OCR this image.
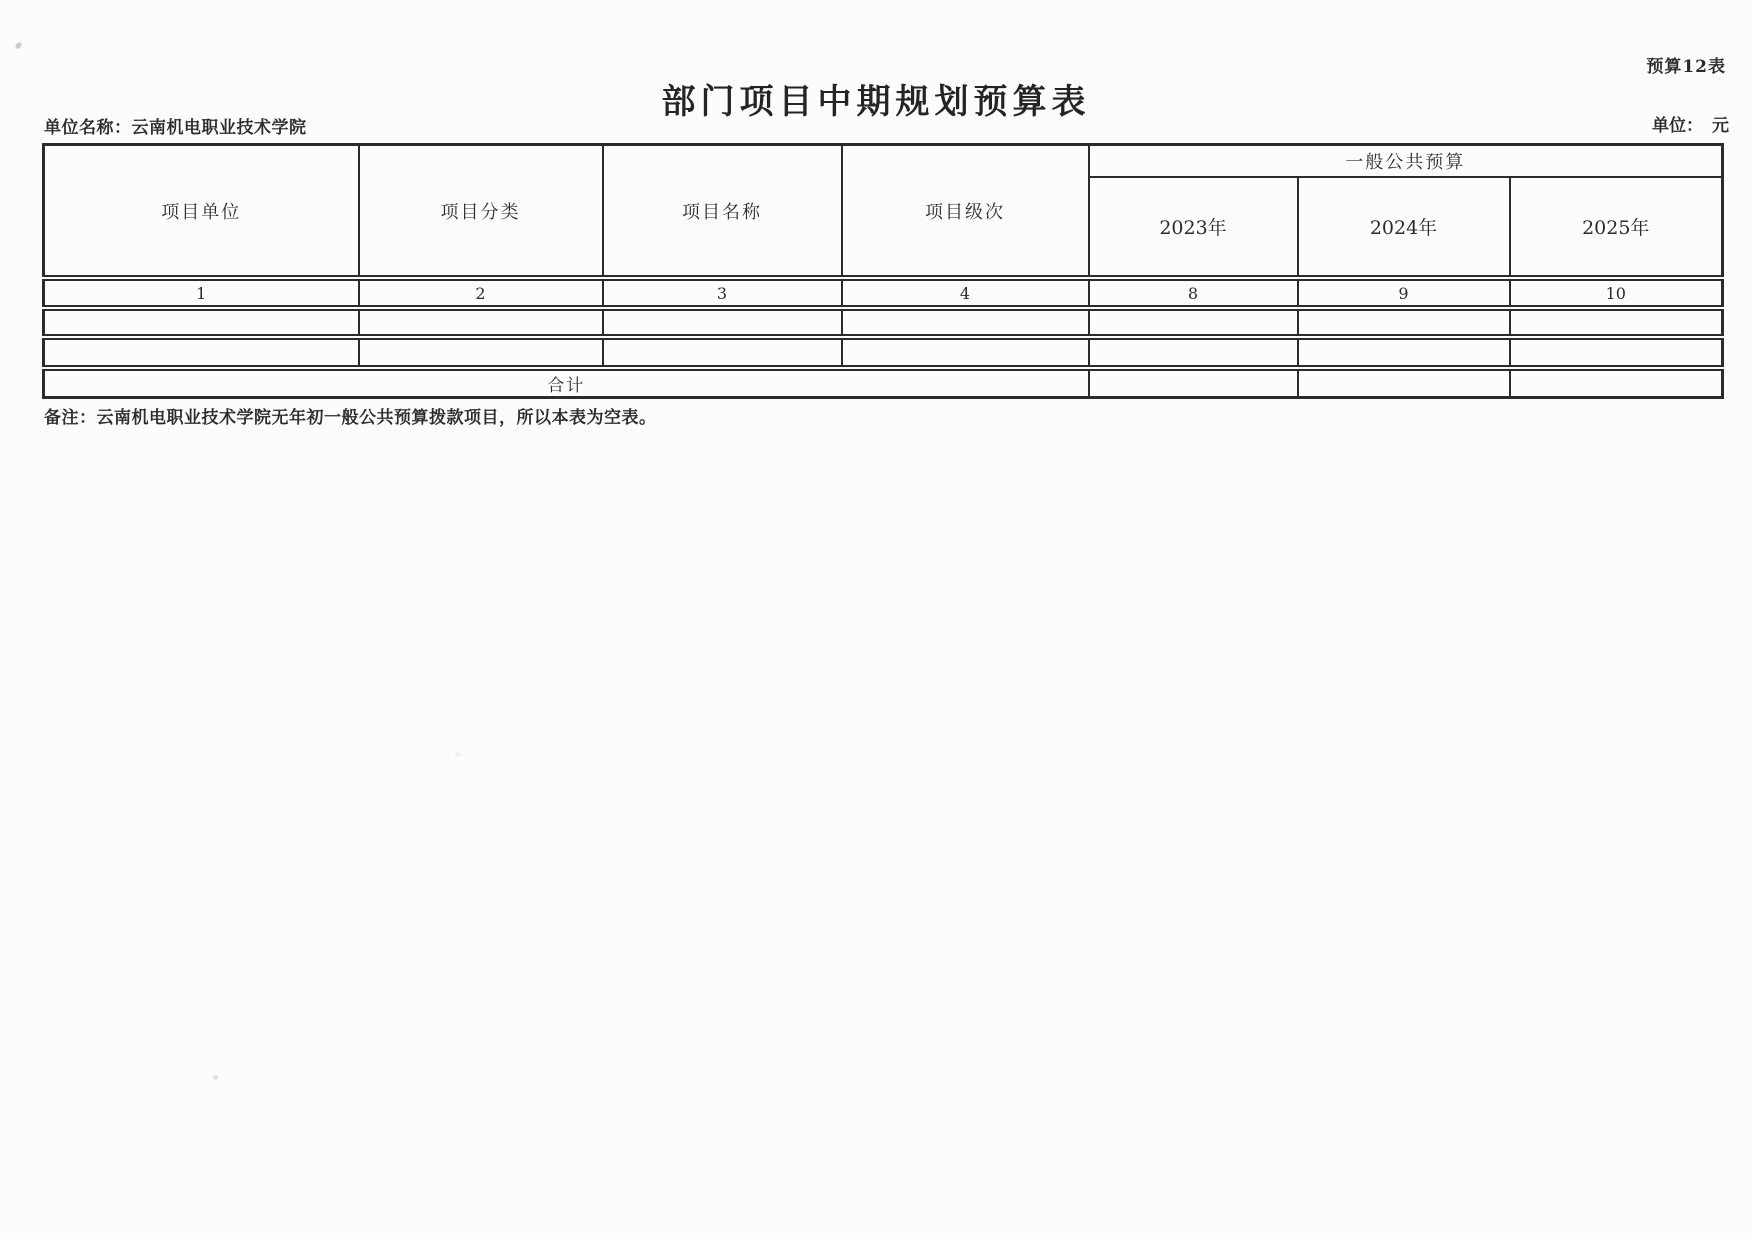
预算12表
部门项目中期规划预算表
单位名称：云南机电职业技术学院	单位： 元
项目单位	项目分类	项目名称	项目级次	一般公共预算		
				2023年	2024年	2025年
1	2	3	4	8	9	10

合计						
备注：云南机电职业技术学院无年初一般公共预算拨款项目，所以本表为空表。
